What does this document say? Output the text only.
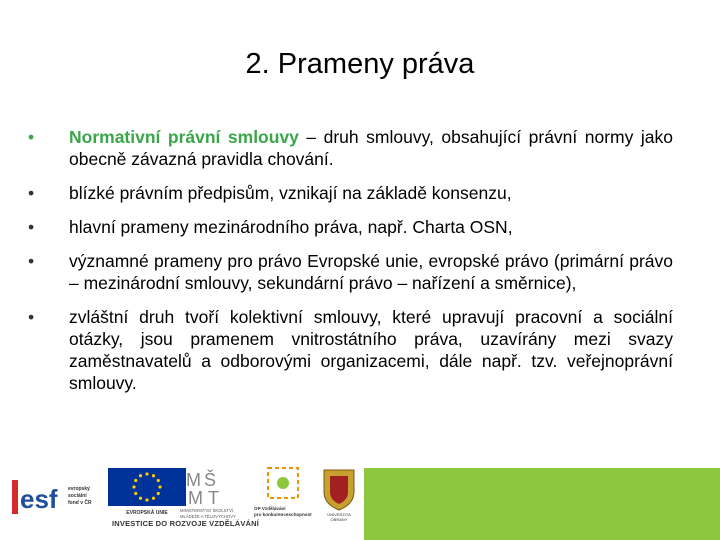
2. Prameny práva
• Normativní právní smlouvy – druh smlouvy, obsahující právní normy jako obecně závazná pravidla chování.
• blízké právním předpisům, vznikají na základě konsenzu,
• hlavní prameny mezinárodního práva, např. Charta OSN,
• významné prameny pro právo Evropské unie, evropské právo (primární právo – mezinárodní smlouvy, sekundární právo – nařízení a směrnice),
• zvláštní druh tvoří kolektivní smlouvy, které upravují pracovní a sociální otázky, jsou pramenem vnitrostátního práva, uzavírány mezi svazy zaměstnavatelů a odborovými organizacemi, dále např. tzv. veřejnoprávní smlouvy.
esf evropský
sociální
fond v ČR
EVROPSKÁ UNIE
M Š
M T
MINISTERSTVO ŠKOLSTVÍ,
MLÁDEŽE A TĚLOVÝCHOVY
OP Vzdělávání
pro konkurenceschopnost	UNIVERZITA
OBRANY
INVESTICE DO ROZVOJE VZDĚLÁVÁNÍ
